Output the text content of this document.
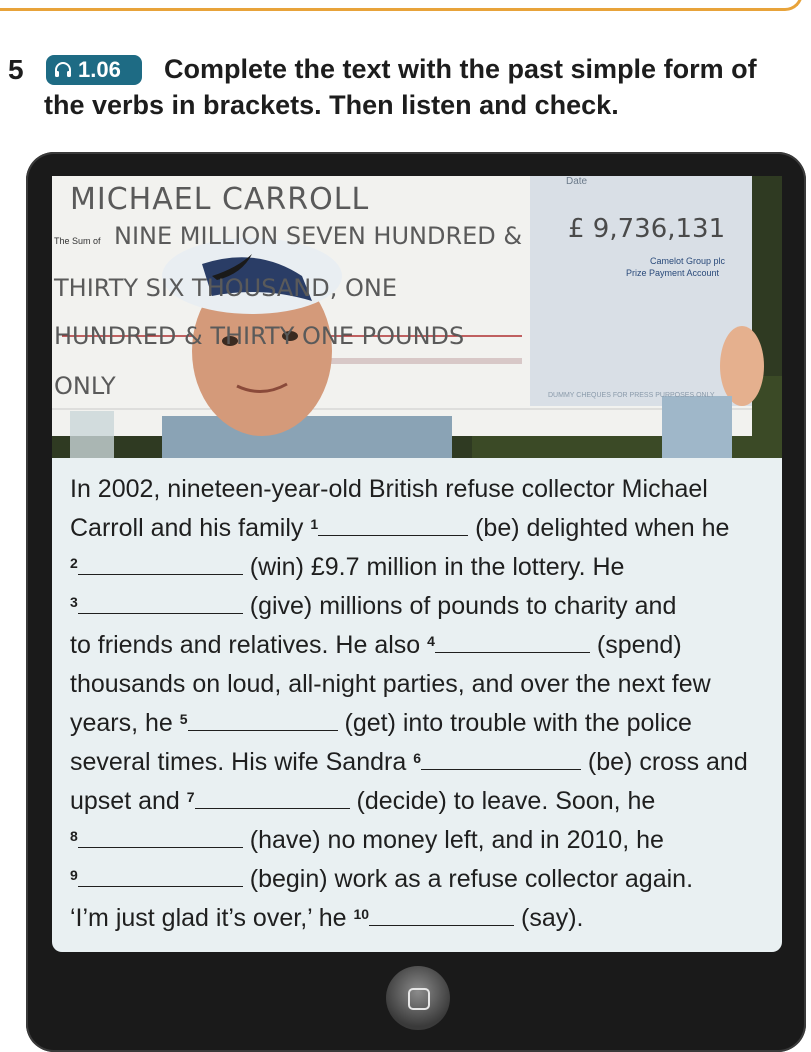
5 1.06 Complete the text with the past simple form of
the verbs in brackets. Then listen and check.
MICHAEL CARROLL
The Sum of NINE MILLION SEVEN HUNDRED &
THIRTY SIX THOUSAND, ONE
HUNDRED & THIRTY ONE POUNDS
ONLY
Date
£ 9,736,131
Camelot Group plc
Prize Payment Account
DUMMY CHEQUES FOR PRESS PURPOSES ONLY
In 2002, nineteen-year-old British refuse collector Michael
Carroll and his family $^1$	(be) delighted when he
$^2$	(win) £9.7 million in the lottery. He
$^3$	(give) millions of pounds to charity and
to friends and relatives. He also $^4$	(spend)
thousands on loud, all-night parties, and over the next few
years, he $^5$	(get) into trouble with the police
several times. His wife Sandra $^6$	(be) cross and
upset and $^7$	(decide) to leave. Soon, he
$^8$	(have) no money left, and in 2010, he
$^9$	(begin) work as a refuse collector again.
‘I’m just glad it’s over,’ he $^{10}$	(say).
